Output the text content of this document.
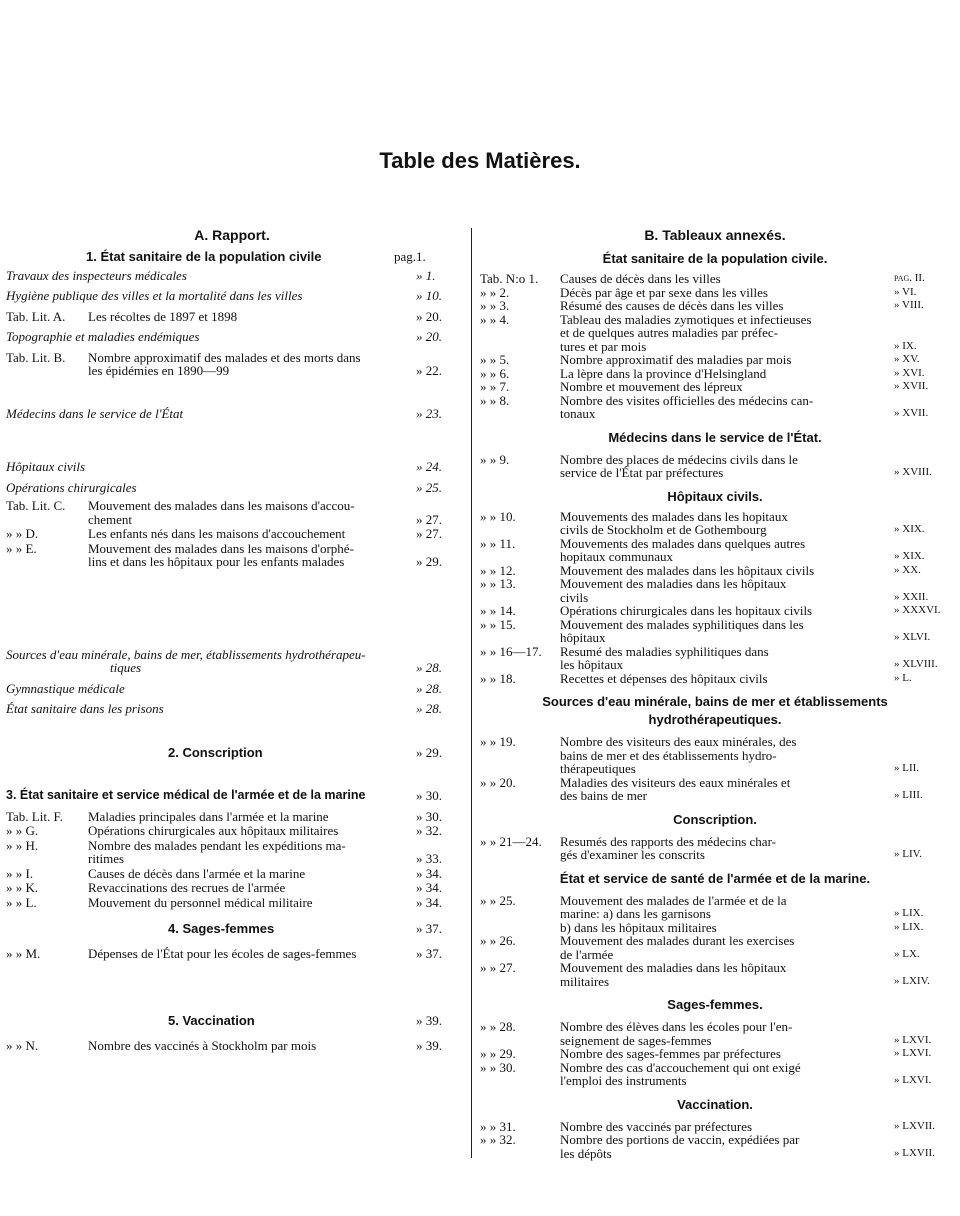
Table des Matières.
A. Rapport.
1. État sanitaire de la population civile	pag. 1.
Travaux des inspecteurs médicales	» 1.
Hygiène publique des villes et la mortalité dans les villes	» 10.
Tab. Lit. A.	Les récoltes de 1897 et 1898	» 20.
Topographie et maladies endémiques	» 20.
Tab. Lit. B.	Nombre approximatif des malades et des morts dans
les épidémies en 1890—99	» 22.
Médecins dans le service de l'État	» 23.
Hôpitaux civils	» 24.
Opérations chirurgicales	» 25.
Tab. Lit. C.	Mouvement des malades dans les maisons d'accou-
chement	» 27.
» » D.	Les enfants nés dans les maisons d'accouchement	» 27.
» » E.	Mouvement des malades dans les maisons d'orphé-
lins et dans les hôpitaux pour les enfants malades	» 29.
Sources d'eau minérale, bains de mer, établissements hydrothérapeu-
tiques	» 28.
Gymnastique médicale	» 28.
État sanitaire dans les prisons	» 28.
2. Conscription	» 29.
3. État sanitaire et service médical de l'armée et de la marine	» 30.
Tab. Lit. F.	Maladies principales dans l'armée et la marine	» 30.
» » G.	Opérations chirurgicales aux hôpitaux militaires	» 32.
» » H.	Nombre des malades pendant les expéditions ma-
ritimes	» 33.
» » I.	Causes de décès dans l'armée et la marine	» 34.
» » K.	Revaccinations des recrues de l'armée	» 34.
» » L.	Mouvement du personnel médical militaire	» 34.
4. Sages-femmes	» 37.
» » M.	Dépenses de l'État pour les écoles de sages-femmes	» 37.
5. Vaccination	» 39.
» » N.	Nombre des vaccinés à Stockholm par mois	» 39.
B. Tableaux annexés.
État sanitaire de la population civile.
Tab. N:o 1.	Causes de décès dans les villes	pag. II.
» » 2.	Décès par âge et par sexe dans les villes	» VI.
» » 3.	Résumé des causes de décès dans les villes	» VIII.
» » 4.	Tableau des maladies zymotiques et infectieuses
et de quelques autres maladies par préfec-
tures et par mois	» IX.
» » 5.	Nombre approximatif des maladies par mois	» XV.
» » 6.	La lèpre dans la province d'Helsingland	» XVI.
» » 7.	Nombre et mouvement des lépreux	» XVII.
» » 8.	Nombre des visites officielles des médecins can-
tonaux	» XVII.
Médecins dans le service de l'État.
» » 9.	Nombre des places de médecins civils dans le
service de l'État par préfectures	» XVIII.
Hôpitaux civils.
» » 10.	Mouvements des malades dans les hopitaux
civils de Stockholm et de Gothembourg	» XIX.
» » 11.	Mouvements des malades dans quelques autres
hopitaux communaux	» XIX.
» » 12.	Mouvement des malades dans les hôpitaux civils	» XX.
» » 13.	Mouvement des maladies dans les hôpitaux
civils	» XXII.
» » 14.	Opérations chirurgicales dans les hopitaux civils	» XXXVI.
» » 15.	Mouvement des malades syphilitiques dans les
hôpitaux	» XLVI.
» » 16—17.	Resumé des maladies syphilitiques dans
les hôpitaux	» XLVIII.
» » 18.	Recettes et dépenses des hôpitaux civils	» L.
Sources d'eau minérale, bains de mer et établissements
hydrothérapeutiques.
» » 19.	Nombre des visiteurs des eaux minérales, des
bains de mer et des établissements hydro-
thérapeutiques	» LII.
» » 20.	Maladies des visiteurs des eaux minérales et
des bains de mer	» LIII.
Conscription.
» » 21—24.	Resumés des rapports des médecins char-
gés d'examiner les conscrits	» LIV.
État et service de santé de l'armée et de la marine.
» » 25.	Mouvement des malades de l'armée et de la
marine: a) dans les garnisons	» LIX.
b) dans les hôpitaux militaires	» LIX.
» » 26.	Mouvement des malades durant les exercises
de l'armée	» LX.
» » 27.	Mouvement des maladies dans les hôpitaux
militaires	» LXIV.
Sages-femmes.
» » 28.	Nombre des élèves dans les écoles pour l'en-
seignement de sages-femmes	» LXVI.
» » 29.	Nombre des sages-femmes par préfectures	» LXVI.
» » 30.	Nombre des cas d'accouchement qui ont exigé
l'emploi des instruments	» LXVI.
Vaccination.
» » 31.	Nombre des vaccinés par préfectures	» LXVII.
» » 32.	Nombre des portions de vaccin, expédiées par
les dépôts	» LXVII.
